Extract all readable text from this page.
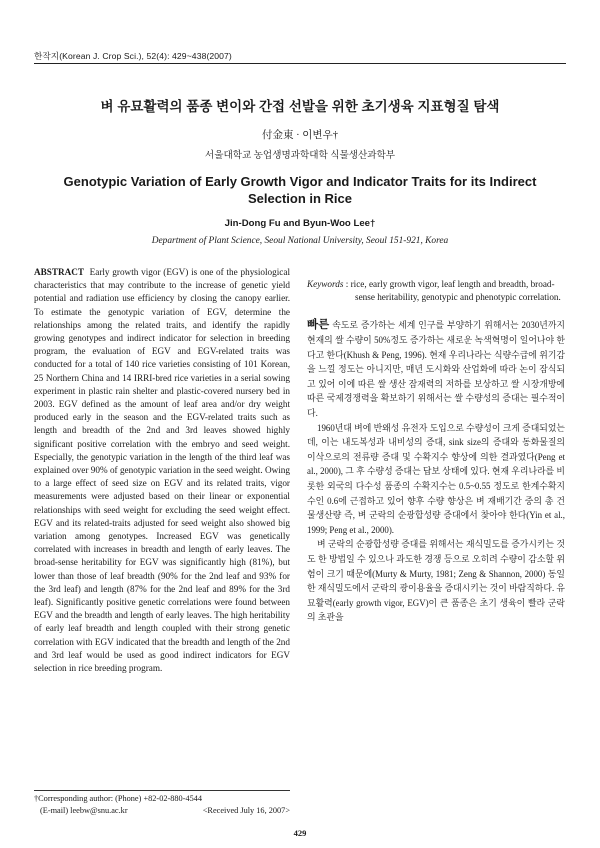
한작지(Korean J. Crop Sci.), 52(4): 429~438(2007)
벼 유묘활력의 품종 변이와 간접 선발을 위한 초기생육 지표형질 탐색
付金東 · 이변우†
서울대학교 농업생명과학대학 식물생산과학부
Genotypic Variation of Early Growth Vigor and Indicator Traits for its Indirect Selection in Rice
Jin-Dong Fu and Byun-Woo Lee†
Department of Plant Science, Seoul National University, Seoul 151-921, Korea

ABSTRACT Early growth vigor (EGV) is one of the physiological characteristics that may contribute to the increase of genetic yield potential and radiation use efficiency by closing the canopy earlier. To estimate the genotypic variation of EGV, determine the relationships among the related traits, and identify the rapidly growing genotypes and indirect indicator for selection in breeding program, the evaluation of EGV and EGV-related traits was conducted for a total of 140 rice varieties consisting of 101 Korean, 25 Northern China and 14 IRRI-bred rice varieties in a serial sowing experiment in plastic rain shelter and plastic-covered nursery bed in 2003. EGV defined as the amount of leaf area and/or dry weight produced early in the season and the EGV-related traits such as length and breadth of the 2nd and 3rd leaves showed highly significant positive correlation with the embryo and seed weight. Especially, the genotypic variation in the length of the third leaf was explained over 90% of genotypic variation in the seed weight. Owing to a large effect of seed size on EGV and its related traits, vigor measurements were adjusted based on their linear or exponential relationships with seed weight for excluding the seed weight effect. EGV and its related-traits adjusted for seed weight also showed big variation among genotypes. Increased EGV was genetically correlated with increases in breadth and length of early leaves. The broad-sense heritability for EGV was significantly high (81%), but lower than those of leaf breadth (90% for the 2nd leaf and 93% for the 3rd leaf) and length (87% for the 2nd leaf and 89% for the 3rd leaf). Significantly positive genetic correlations were found between EGV and the breadth and length of early leaves. The high heritability of early leaf breadth and length coupled with their strong genetic correlation with EGV indicated that the breadth and length of the 2nd and 3rd leaf would be used as good indirect indicators for EGV selection in rice breeding program.

Keywords : rice, early growth vigor, leaf length and breadth, broad-sense heritability, genotypic and phenotypic correlation.

빠른 속도로 증가하는 세계 인구를 부양하기 위해서는 2030년까지 현재의 쌀 수량이 50%정도 증가하는 새로운 녹색혁명이 일어나야 한다고 한다(Khush & Peng, 1996). 현재 우리나라는 식량수급에 위기감을 느낄 정도는 아니지만, 매년 도시화와 산업화에 따라 논이 잠식되고 있어 이에 따른 쌀 생산 잠재력의 저하를 보상하고 쌀 시장개방에 따른 국제경쟁력을 확보하기 위해서는 쌀 수량성의 증대는 필수적이다.

1960년대 벼에 반왜성 유전자 도입으로 수량성이 크게 증대되었는데, 이는 내도복성과 내비성의 증대, sink size의 증대와 동화물질의 이삭으로의 전류량 증대 및 수확지수 향상에 의한 결과였다(Peng et al., 2000), 그 후 수량성 증대는 답보 상태에 있다. 현재 우리나라를 비롯한 외국의 다수성 품종의 수확지수는 0.5~0.55 정도로 한계수확지수인 0.6에 근접하고 있어 향후 수량 향상은 벼 재배기간 중의 총 건물생산량 즉, 벼 군락의 순광합성량 증대에서 찾아야 한다(Yin et al., 1999; Peng et al., 2000).

벼 군락의 순광합성량 증대를 위해서는 재식밀도를 증가시키는 것도 한 방법일 수 있으나 과도한 경쟁 등으로 오히려 수량이 감소할 위험이 크기 때문에(Murty & Murty, 1981; Zeng & Shannon, 2000) 동일한 재식밀도에서 군락의 광이용율을 증대시키는 것이 바람직하다. 유묘활력(early growth vigor, EGV)이 큰 품종은 초기 생육이 빨라 군락의 초관을

†Corresponding author: (Phone) +82-02-880-4544
(E-mail) leebw@snu.ac.kr	<Received July 16, 2007>
429
